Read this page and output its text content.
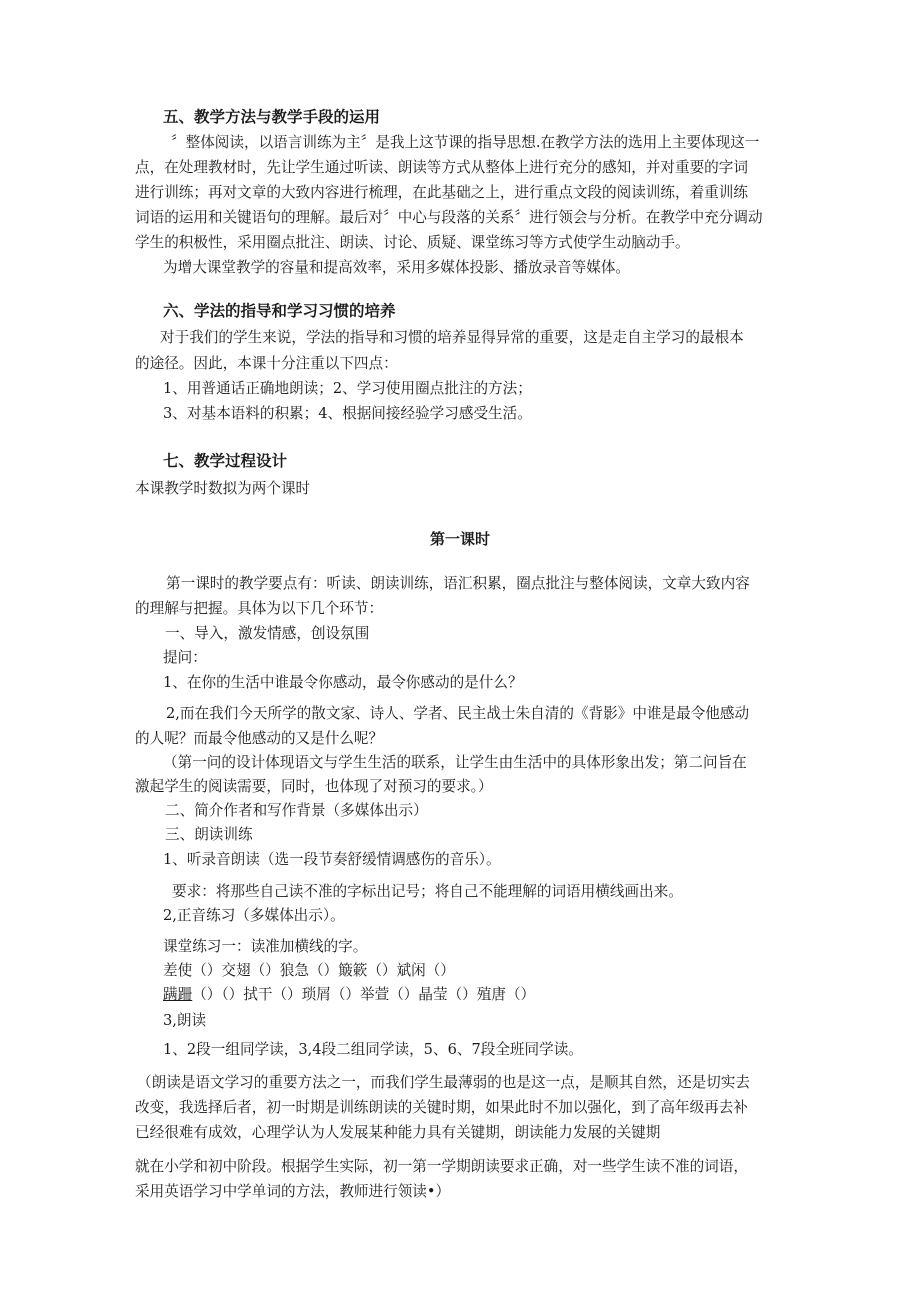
五、教学方法与教学手段的运用
〞整体阅读，以语言训练为主〞是我上这节课的指导思想.在教学方法的选用上主要体现这一
点，在处理教材时，先让学生通过听读、朗读等方式从整体上进行充分的感知，并对重要的字词
进行训练；再对文章的大致内容进行梳理，在此基础之上，进行重点文段的阅读训练，着重训练
词语的运用和关键语句的理解。最后对〞中心与段落的关系〞进行领会与分析。在教学中充分调动
学生的积极性，采用圈点批注、朗读、讨论、质疑、课堂练习等方式使学生动脑动手。
为增大课堂教学的容量和提高效率，采用多媒体投影、播放录音等媒体。
六、学法的指导和学习习惯的培养
对于我们的学生来说，学法的指导和习惯的培养显得异常的重要，这是走自主学习的最根本
的途径。因此，本课十分注重以下四点：
1、用普通话正确地朗读；2、学习使用圈点批注的方法；
3、对基本语料的积累；4、根据间接经验学习感受生活。
七、教学过程设计
本课教学时数拟为两个课时
第一课时
第一课时的教学要点有：听读、朗读训练，语汇积累，圈点批注与整体阅读，文章大致内容
的理解与把握。具体为以下几个环节：
一、导入，激发情感，创设氛围
提问：
1、在你的生活中谁最令你感动，最令你感动的是什么？
2,而在我们今天所学的散文家、诗人、学者、民主战士朱自清的《背影》中谁是最令他感动
的人呢？而最令他感动的又是什么呢？
（第一问的设计体现语文与学生生活的联系，让学生由生活中的具体形象出发；第二问旨在
激起学生的阅读需要，同时，也体现了对预习的要求。）
二、简介作者和写作背景（多媒体出示）
三、朗读训练
1、听录音朗读（选一段节奏舒缓情调感伤的音乐）。
要求：将那些自己读不准的字标出记号；将自己不能理解的词语用横线画出来。
2,正音练习（多媒体出示）。
课堂练习一：读准加横线的字。
差使（）交翅（）狼急（）簸簌（）斌闲（）
蹒跚（）（）拭干（）琐屑（）举萱（）晶莹（）殖唐（）
3,朗读
1、2段一组同学读，3,4段二组同学读，5、6、7段全班同学读。
（朗读是语文学习的重要方法之一，而我们学生最薄弱的也是这一点，是顺其自然，还是切实去
改变，我选择后者，初一时期是训练朗读的关键时期，如果此时不加以强化，到了高年级再去补
已经很难有成效，心理学认为人发展某种能力具有关键期，朗读能力发展的关键期
就在小学和初中阶段。根据学生实际，初一第一学期朗读要求正确，对一些学生读不准的词语，
采用英语学习中学单词的方法，教师进行领读•）
